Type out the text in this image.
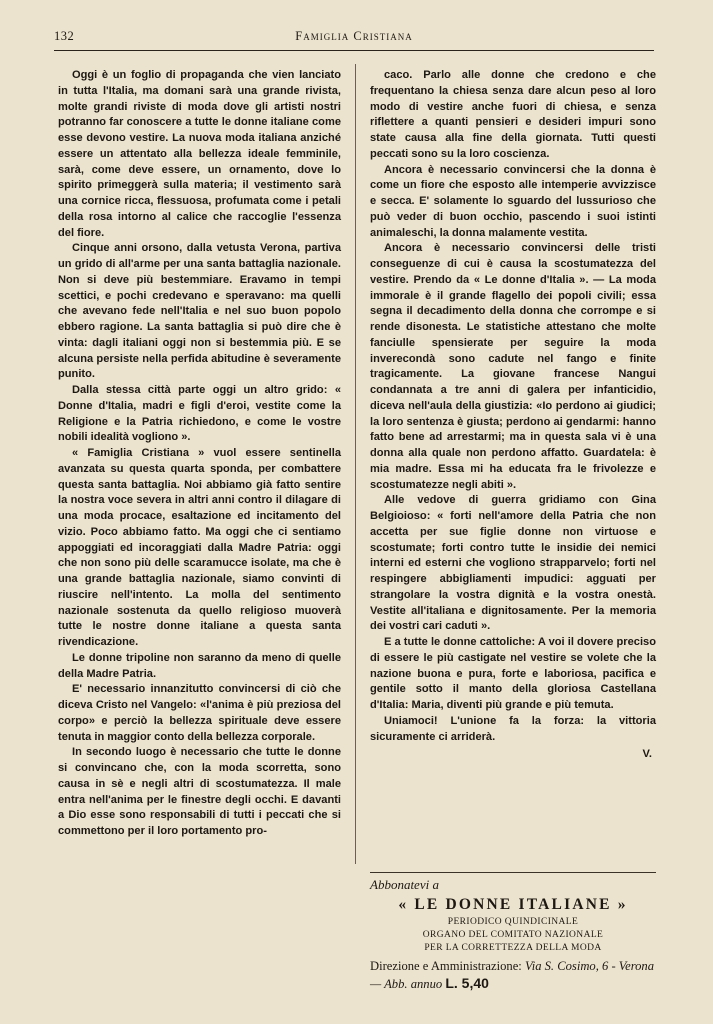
132	Famiglia Cristiana

Oggi è un foglio di propaganda che vien lanciato in tutta l'Italia, ma domani sarà una grande rivista, molte grandi riviste di moda dove gli artisti nostri potranno far conoscere a tutte le donne italiane come esse devono vestire. La nuova moda italiana anziché essere un attentato alla bellezza ideale femminile, sarà, come deve essere, un ornamento, dove lo spirito primeggerà sulla materia; il vestimento sarà una cornice ricca, flessuosa, profumata come i petali della rosa intorno al calice che raccoglie l'essenza del fiore.

Cinque anni orsono, dalla vetusta Verona, partiva un grido di all'arme per una santa battaglia nazionale. Non si deve più bestemmiare. Eravamo in tempi scettici, e pochi credevano e speravano: ma quelli che avevano fede nell'Italia e nel suo buon popolo ebbero ragione. La santa battaglia si può dire che è vinta: dagli italiani oggi non si bestemmia più. E se alcuna persiste nella perfida abitudine è severamente punito.

Dalla stessa città parte oggi un altro grido: « Donne d'Italia, madri e figli d'eroi, vestite come la Religione e la Patria richiedono, e come le vostre nobili idealità vogliono ».

« Famiglia Cristiana » vuol essere sentinella avanzata su questa quarta sponda, per combattere questa santa battaglia. Noi abbiamo già fatto sentire la nostra voce severa in altri anni contro il dilagare di una moda procace, esaltazione ed incitamento del vizio. Poco abbiamo fatto. Ma oggi che ci sentiamo appoggiati ed incoraggiati dalla Madre Patria: oggi che non sono più delle scaramucce isolate, ma che è una grande battaglia nazionale, siamo convinti di riuscire nell'intento. La molla del sentimento nazionale sostenuta da quello religioso muoverà tutte le nostre donne italiane a questa santa rivendicazione.

Le donne tripoline non saranno da meno di quelle della Madre Patria.

E' necessario innanzitutto convincersi di ciò che diceva Cristo nel Vangelo: «l'anima è più preziosa del corpo» e perciò la bellezza spirituale deve essere tenuta in maggior conto della bellezza corporale.

In secondo luogo è necessario che tutte le donne si convincano che, con la moda scorretta, sono causa in sè e negli altri di scostumatezza. Il male entra nell'anima per le finestre degli occhi. E davanti a Dio esse sono responsabili di tutti i peccati che si commettono per il loro portamento pro-

caco. Parlo alle donne che credono e che frequentano la chiesa senza dare alcun peso al loro modo di vestire anche fuori di chiesa, e senza riflettere a quanti pensieri e desideri impuri sono state causa alla fine della giornata. Tutti questi peccati sono su la loro coscienza.

Ancora è necessario convincersi che la donna è come un fiore che esposto alle intemperie avvizzisce e secca. E' solamente lo sguardo del lussurioso che può veder di buon occhio, pascendo i suoi istinti animaleschi, la donna malamente vestita.

Ancora è necessario convincersi delle tristi conseguenze di cui è causa la scostumatezza del vestire. Prendo da « Le donne d'Italia ». — La moda immorale è il grande flagello dei popoli civili; essa segna il decadimento della donna che corrompe e si rende disonesta. Le statistiche attestano che molte fanciulle spensierate per seguire la moda inverecondà sono cadute nel fango e finite tragicamente. La giovane francese Nangui condannata a tre anni di galera per infanticidio, diceva nell'aula della giustizia: «Io perdono ai giudici; la loro sentenza è giusta; perdono ai gendarmi: hanno fatto bene ad arrestarmi; ma in questa sala vi è una donna alla quale non perdono affatto. Guardatela: è mia madre. Essa mi ha educata fra le frivolezze e scostumatezze negli abiti ».

Alle vedove di guerra gridiamo con Gina Belgioioso: « forti nell'amore della Patria che non accetta per sue figlie donne non virtuose e scostumate; forti contro tutte le insidie dei nemici interni ed esterni che vogliono strapparvelo; forti nel respingere abbigliamenti impudici: agguati per strangolare la vostra dignità e la vostra onestà. Vestite all'italiana e dignitosamente. Per la memoria dei vostri cari caduti ».

E a tutte le donne cattoliche: A voi il dovere preciso di essere le più castigate nel vestire se volete che la nazione buona e pura, forte e laboriosa, pacifica e gentile sotto il manto della gloriosa Castellana d'Italia: Maria, diventi più grande e più temuta.

Uniamoci! L'unione fa la forza: la vittoria sicuramente ci arriderà.

V.
Abbonatevi a
« LE DONNE ITALIANE »
PERIODICO QUINDICINALE
ORGANO DEL COMITATO NAZIONALE
PER LA CORRETTEZZA DELLA MODA
Direzione e Amministrazione: Via S. Cosimo, 6 - Verona — Abb. annuo L. 5,40
